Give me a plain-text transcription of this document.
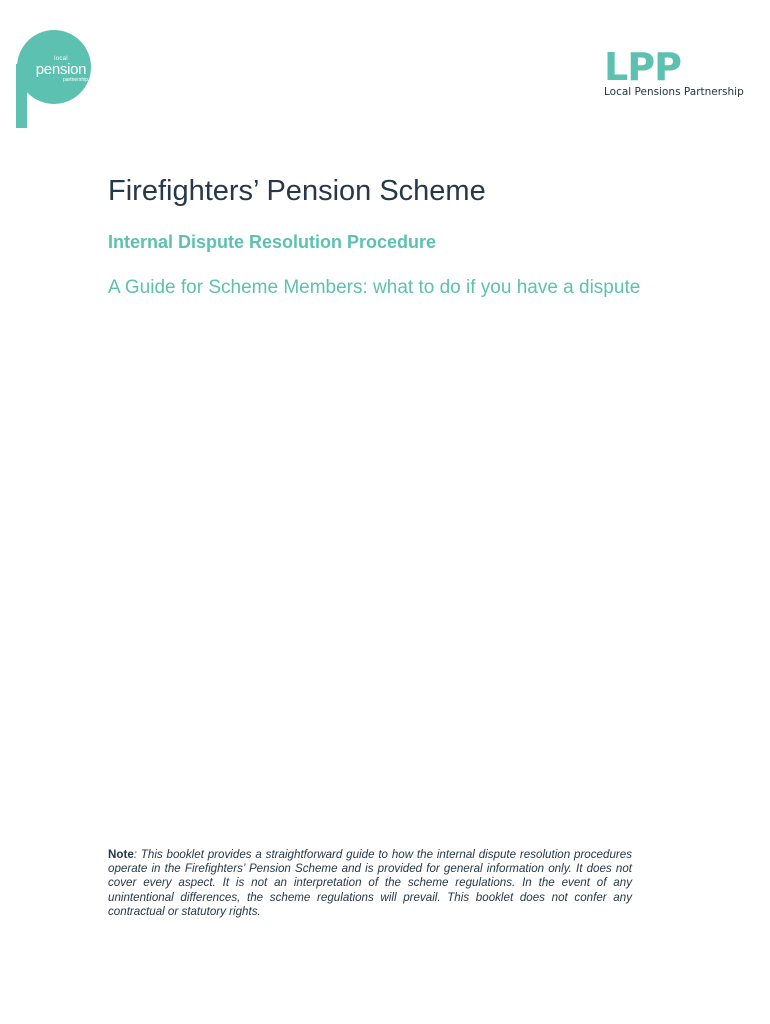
local
pension
partnership	LPP
Local Pensions Partnership
Firefighters’ Pension Scheme
Internal Dispute Resolution Procedure

A Guide for Scheme Members: what to do if you have a dispute

Note: This booklet provides a straightforward guide to how the internal dispute resolution procedures operate in the Firefighters’ Pension Scheme and is provided for general information only. It does not cover every aspect. It is not an interpretation of the scheme regulations. In the event of any unintentional differences, the scheme regulations will prevail. This booklet does not confer any contractual or statutory rights.
